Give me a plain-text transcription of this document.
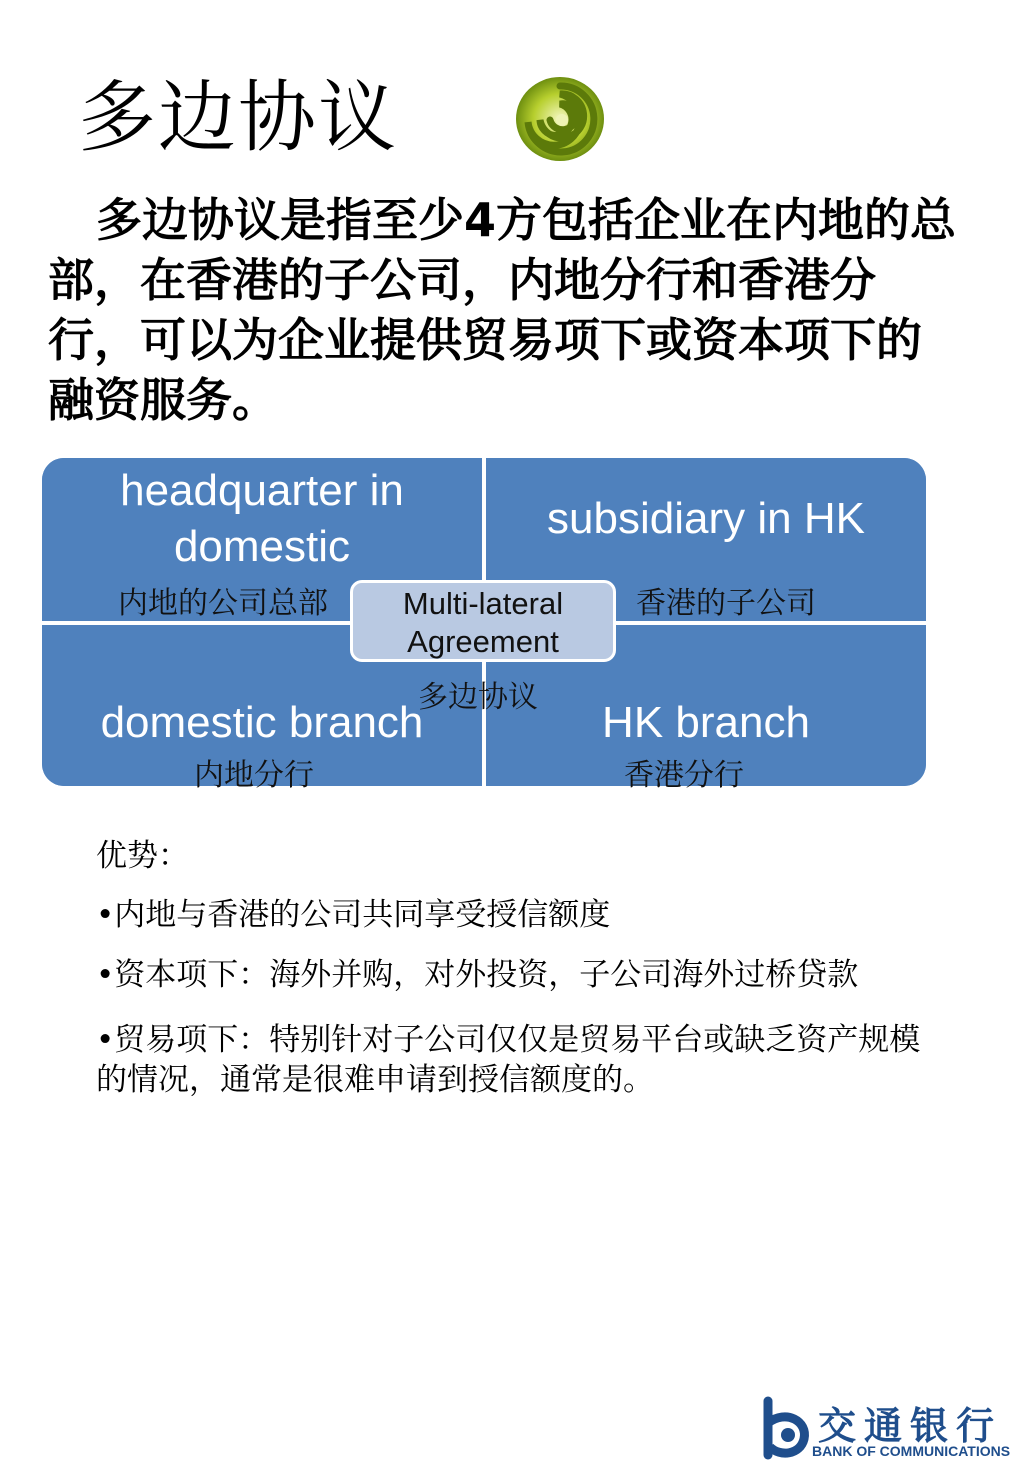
多边协议
多边协议是指至少4方包括企业在内地的总部，在香港的子公司，内地分行和香港分行，可以为企业提供贸易项下或资本项下的融资服务。
headquarter in
domestic
subsidiary in HK
domestic branch	HK branch
内地的公司总部	香港的子公司
内地分行	香港分行
Multi-lateral
Agreement
多边协议
优势：
•内地与香港的公司共同享受授信额度
•资本项下：海外并购，对外投资，子公司海外过桥贷款
•贸易项下：特别针对子公司仅仅是贸易平台或缺乏资产规模的情况，通常是很难申请到授信额度的。
交通银行
BANK OF COMMUNICATIONS
